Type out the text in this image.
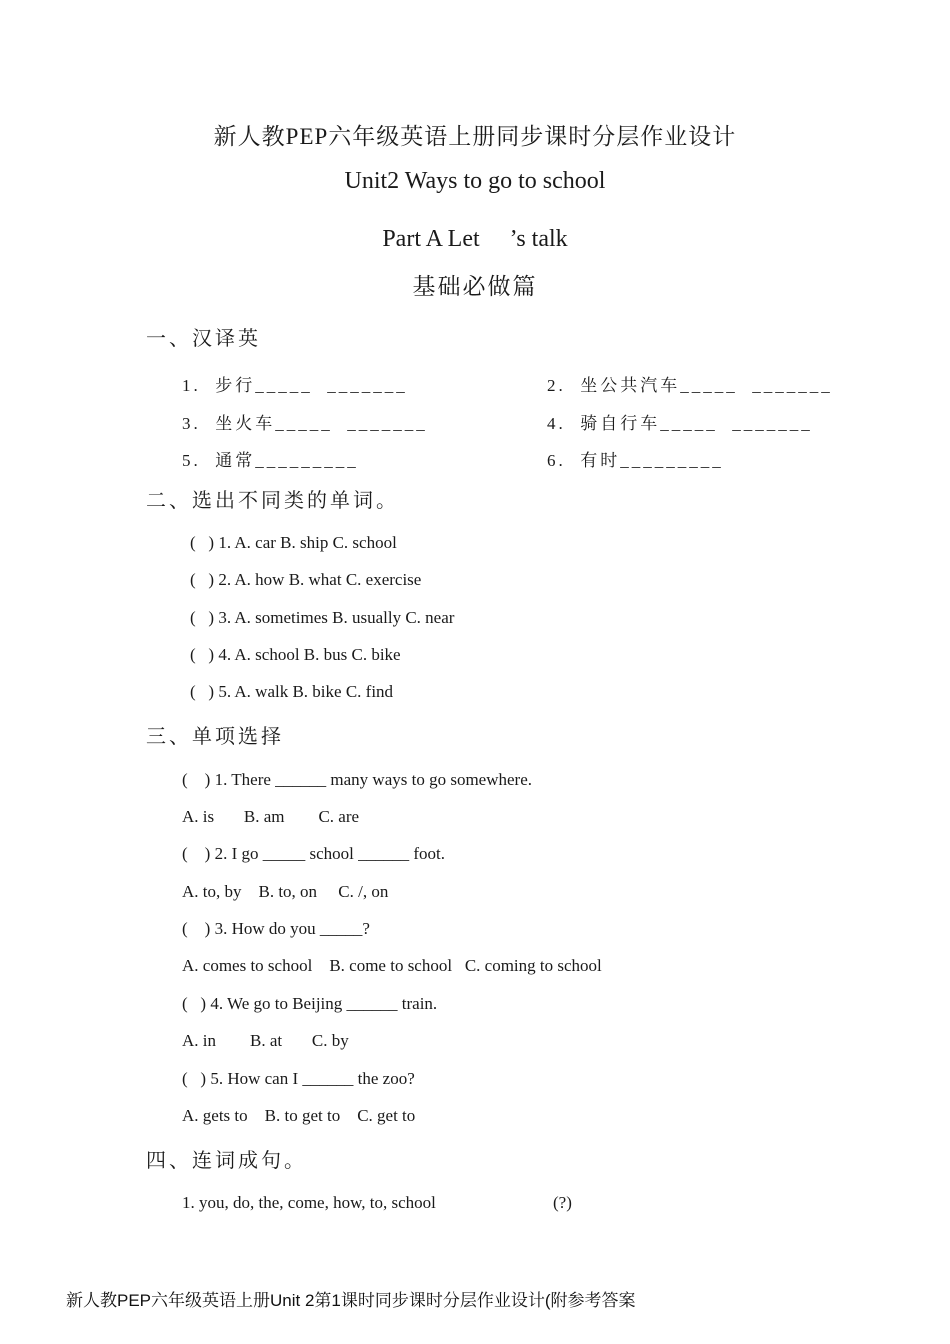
新人教PEP六年级英语上册同步课时分层作业设计
Unit2 Ways to go to school
Part A Let　 ’s talk
基础必做篇
一、汉译英
1.  步行_____  _______	2.  坐公共汽车_____  _______
3.  坐火车_____  _______	4.  骑自行车_____  _______
5.  通常_________	6.  有时_________
二、选出不同类的单词。
(   ) 1. A. car B. ship C. school
(   ) 2. A. how B. what C. exercise
(   ) 3. A. sometimes B. usually C. near
(   ) 4. A. school B. bus C. bike
(   ) 5. A. walk B. bike C. find
三、单项选择
(    ) 1. There ______ many ways to go somewhere.
A. is       B. am        C. are
(    ) 2. I go _____ school ______ foot.
A. to, by    B. to, on     C. /, on
(    ) 3. How do you _____?
A. comes to school    B. come to school   C. coming to school
(   ) 4. We go to Beijing ______ train.
A. in        B. at       C. by
(   ) 5. How can I ______ the zoo?
A. gets to    B. to get to    C. get to
四、连词成句。
1. you, do, the, come, how, to, school	(?)
新人教PEP六年级英语上册Unit 2第1课时同步课时分层作业设计(附参考答案
